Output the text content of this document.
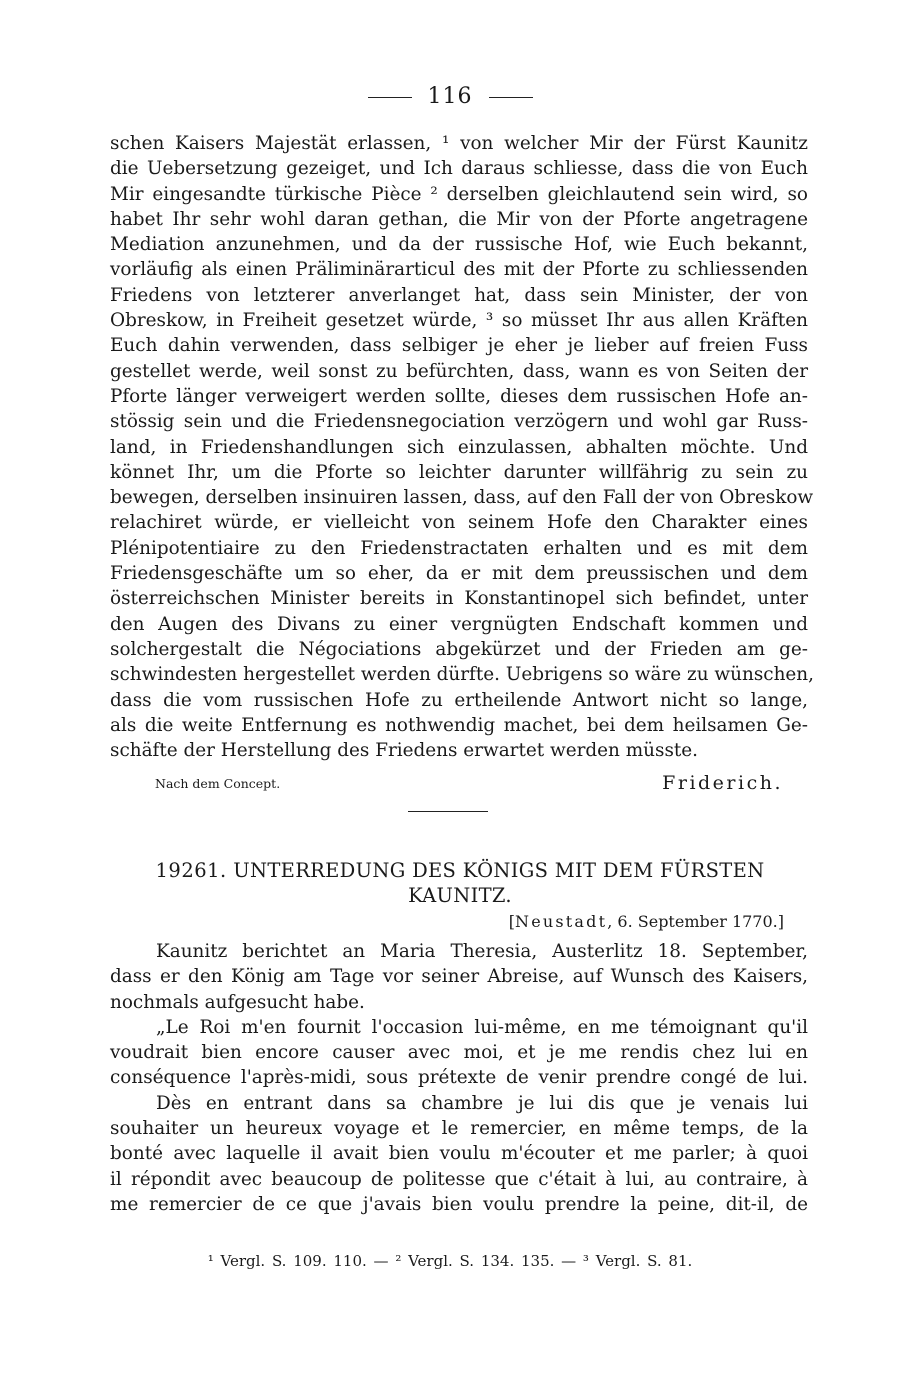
116
schen Kaisers Majestät erlassen, ¹ von welcher Mir der Fürst Kaunitz
die Uebersetzung gezeiget, und Ich daraus schliesse, dass die von Euch
Mir eingesandte türkische Pièce ² derselben gleichlautend sein wird, so
habet Ihr sehr wohl daran gethan, die Mir von der Pforte angetragene
Mediation anzunehmen, und da der russische Hof, wie Euch bekannt,
vorläufig als einen Präliminärarticul des mit der Pforte zu schliessenden
Friedens von letzterer anverlanget hat, dass sein Minister, der von
Obreskow, in Freiheit gesetzet würde, ³ so müsset Ihr aus allen Kräften
Euch dahin verwenden, dass selbiger je eher je lieber auf freien Fuss
gestellet werde, weil sonst zu befürchten, dass, wann es von Seiten der
Pforte länger verweigert werden sollte, dieses dem russischen Hofe an-
stössig sein und die Friedensnegociation verzögern und wohl gar Russ-
land, in Friedenshandlungen sich einzulassen, abhalten möchte. Und
könnet Ihr, um die Pforte so leichter darunter willfährig zu sein zu
bewegen, derselben insinuiren lassen, dass, auf den Fall der von Obreskow
relachiret würde, er vielleicht von seinem Hofe den Charakter eines
Plénipotentiaire zu den Friedenstractaten erhalten und es mit dem
Friedensgeschäfte um so eher, da er mit dem preussischen und dem
österreichschen Minister bereits in Konstantinopel sich befindet, unter
den Augen des Divans zu einer vergnügten Endschaft kommen und
solchergestalt die Négociations abgekürzet und der Frieden am ge-
schwindesten hergestellet werden dürfte. Uebrigens so wäre zu wünschen,
dass die vom russischen Hofe zu ertheilende Antwort nicht so lange,
als die weite Entfernung es nothwendig machet, bei dem heilsamen Ge-
schäfte der Herstellung des Friedens erwartet werden müsste.
Nach dem Concept.	Friderich.
19261. UNTERREDUNG DES KÖNIGS MIT DEM FÜRSTEN
KAUNITZ.
[Neustadt, 6. September 1770.]
Kaunitz berichtet an Maria Theresia, Austerlitz 18. September,
dass er den König am Tage vor seiner Abreise, auf Wunsch des Kaisers,
nochmals aufgesucht habe.
„Le Roi m'en fournit l'occasion lui-même, en me témoignant qu'il
voudrait bien encore causer avec moi, et je me rendis chez lui en
conséquence l'après-midi, sous prétexte de venir prendre congé de lui.
Dès en entrant dans sa chambre je lui dis que je venais lui
souhaiter un heureux voyage et le remercier, en même temps, de la
bonté avec laquelle il avait bien voulu m'écouter et me parler; à quoi
il répondit avec beaucoup de politesse que c'était à lui, au contraire, à
me remercier de ce que j'avais bien voulu prendre la peine, dit-il, de
¹ Vergl. S. 109. 110. — ² Vergl. S. 134. 135. — ³ Vergl. S. 81.
